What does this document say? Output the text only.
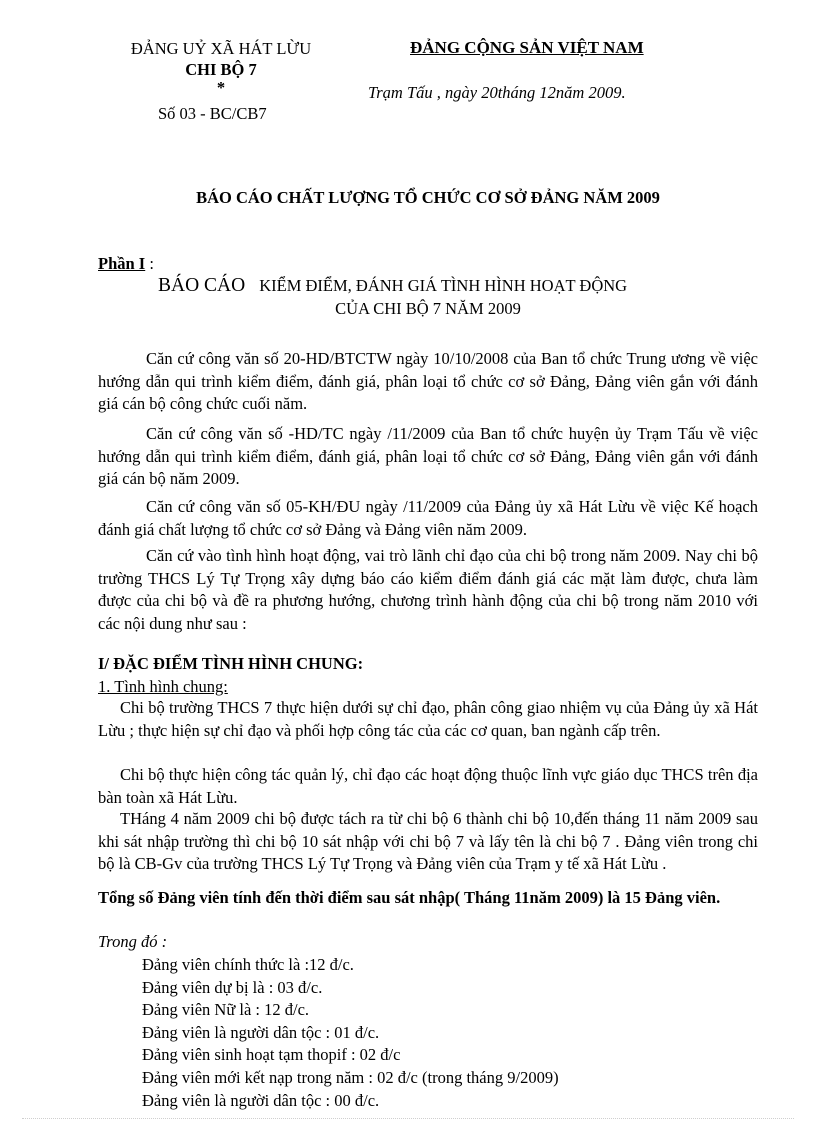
ĐẢNG UỶ XÃ HÁT LỪU
CHI BỘ 7
*
Số 03 - BC/CB7
ĐẢNG CỘNG SẢN VIỆT NAM
Trạm Tấu , ngày 20tháng 12năm 2009.
BÁO CÁO CHẤT LƯỢNG TỔ CHỨC CƠ SỞ ĐẢNG NĂM 2009
Phần I :
BÁO CÁO KIỂM ĐIỂM, ĐÁNH GIÁ TÌNH HÌNH HOẠT ĐỘNG
CỦA CHI BỘ 7 NĂM 2009
Căn cứ công văn số 20-HD/BTCTW ngày 10/10/2008 của Ban tổ chức Trung ương về việc hướng dẫn qui trình kiểm điểm, đánh giá, phân loại tổ chức cơ sở Đảng, Đảng viên gắn với đánh giá cán bộ công chức cuối năm.
Căn cứ công văn số -HD/TC ngày /11/2009 của Ban tổ chức huyện ủy Trạm Tấu về việc hướng dẫn qui trình kiểm điểm, đánh giá, phân loại tổ chức cơ sở Đảng, Đảng viên gắn với đánh giá cán bộ năm 2009.
Căn cứ công văn số 05-KH/ĐU ngày /11/2009 của Đảng ủy xã Hát Lừu về việc Kế hoạch đánh giá chất lượng tổ chức cơ sở Đảng và Đảng viên năm 2009.
Căn cứ vào tình hình hoạt động, vai trò lãnh chỉ đạo của chi bộ trong năm 2009. Nay chi bộ trường THCS Lý Tự Trọng xây dựng báo cáo kiểm điểm đánh giá các mặt làm được, chưa làm được của chi bộ và đề ra phương hướng, chương trình hành động của chi bộ trong năm 2010 với các nội dung như sau :
I/ ĐẶC ĐIỂM TÌNH HÌNH CHUNG:
1. Tình hình chung:
Chi bộ trường THCS 7 thực hiện dưới sự chỉ đạo, phân công giao nhiệm vụ của Đảng ủy xã Hát Lừu ; thực hiện sự chỉ đạo và phối hợp công tác của các cơ quan, ban ngành cấp trên.
Chi bộ thực hiện công tác quản lý, chỉ đạo các hoạt động thuộc lĩnh vực giáo dục THCS trên địa bàn toàn xã Hát Lừu.
THáng 4 năm 2009 chi bộ được tách ra từ chi bộ 6 thành chi bộ 10,đến tháng 11 năm 2009 sau khi sát nhập trường thì chi bộ 10 sát nhập với chi bộ 7 và lấy tên là chi bộ 7 . Đảng viên trong chi bộ là CB-Gv của trường THCS Lý Tự Trọng và Đảng viên của Trạm y tế xã Hát Lừu .
Tổng số Đảng viên tính đến thời điểm sau sát nhập( Tháng 11năm 2009) là 15 Đảng viên.
Trong đó :
Đảng viên chính thức là :12 đ/c.
Đảng viên dự bị là : 03 đ/c.
Đảng viên Nữ là : 12 đ/c.
Đảng viên là người dân tộc : 01 đ/c.
Đảng viên sinh hoạt tạm thopif : 02 đ/c
Đảng viên mới kết nạp trong năm : 02 đ/c (trong tháng 9/2009)
Đảng viên là người dân tộc : 00 đ/c.
